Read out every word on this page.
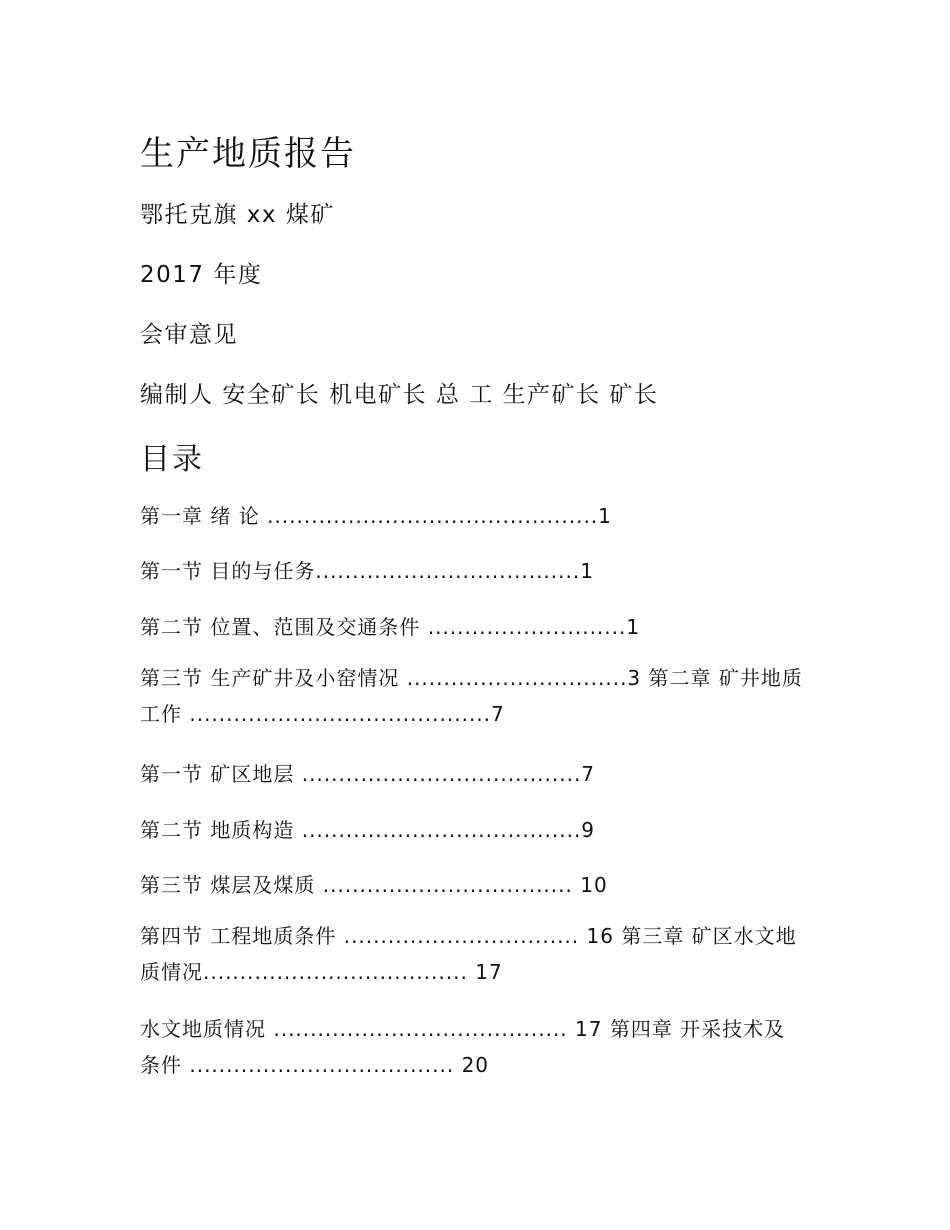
生产地质报告
鄂托克旗 xx 煤矿
2017 年度
会审意见
编制人 安全矿长 机电矿长 总 工 生产矿长 矿长
目录
第一章 绪 论 .............................................1
第一节 目的与任务....................................1
第二节 位置、范围及交通条件 ...........................1
第三节 生产矿井及小窑情况 ..............................3 第二章 矿井地质工作 .........................................7
第一节 矿区地层 ......................................7
第二节 地质构造 ......................................9
第三节 煤层及煤质 .................................. 10
第四节 工程地质条件 ................................ 16 第三章 矿区水文地质情况.................................... 17
水文地质情况 ........................................ 17 第四章 开采技术及条件 .................................... 20
